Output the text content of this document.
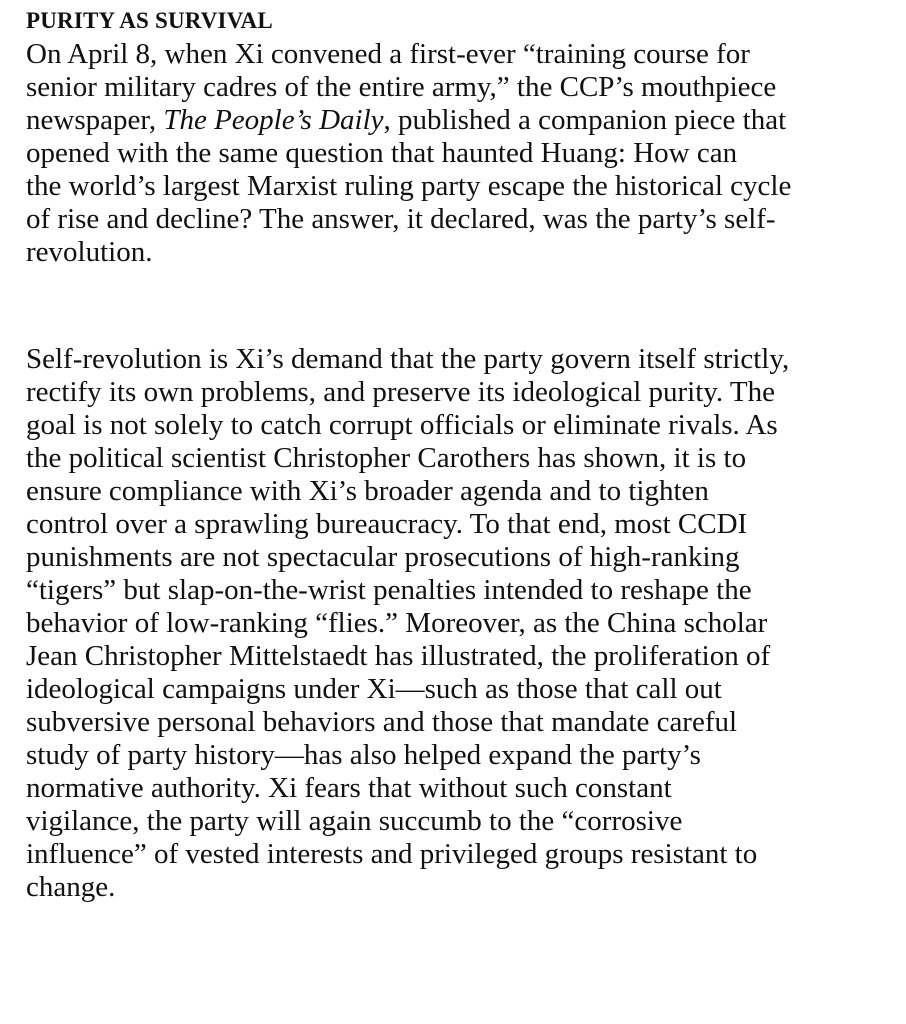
PURITY AS SURVIVAL

On April 8, when Xi convened a first-ever “training course for
senior military cadres of the entire army,” the CCP’s mouthpiece
newspaper, The People’s Daily, published a companion piece that
opened with the same question that haunted Huang: How can
the world’s largest Marxist ruling party escape the historical cycle
of rise and decline? The answer, it declared, was the party’s self-
revolution.

Self-revolution is Xi’s demand that the party govern itself strictly,
rectify its own problems, and preserve its ideological purity. The
goal is not solely to catch corrupt officials or eliminate rivals. As
the political scientist Christopher Carothers has shown, it is to
ensure compliance with Xi’s broader agenda and to tighten
control over a sprawling bureaucracy. To that end, most CCDI
punishments are not spectacular prosecutions of high-ranking
“tigers” but slap-on-the-wrist penalties intended to reshape the
behavior of low-ranking “flies.” Moreover, as the China scholar
Jean Christopher Mittelstaedt has illustrated, the proliferation of
ideological campaigns under Xi—such as those that call out
subversive personal behaviors and those that mandate careful
study of party history—has also helped expand the party’s
normative authority. Xi fears that without such constant
vigilance, the party will again succumb to the “corrosive
influence” of vested interests and privileged groups resistant to
change.
